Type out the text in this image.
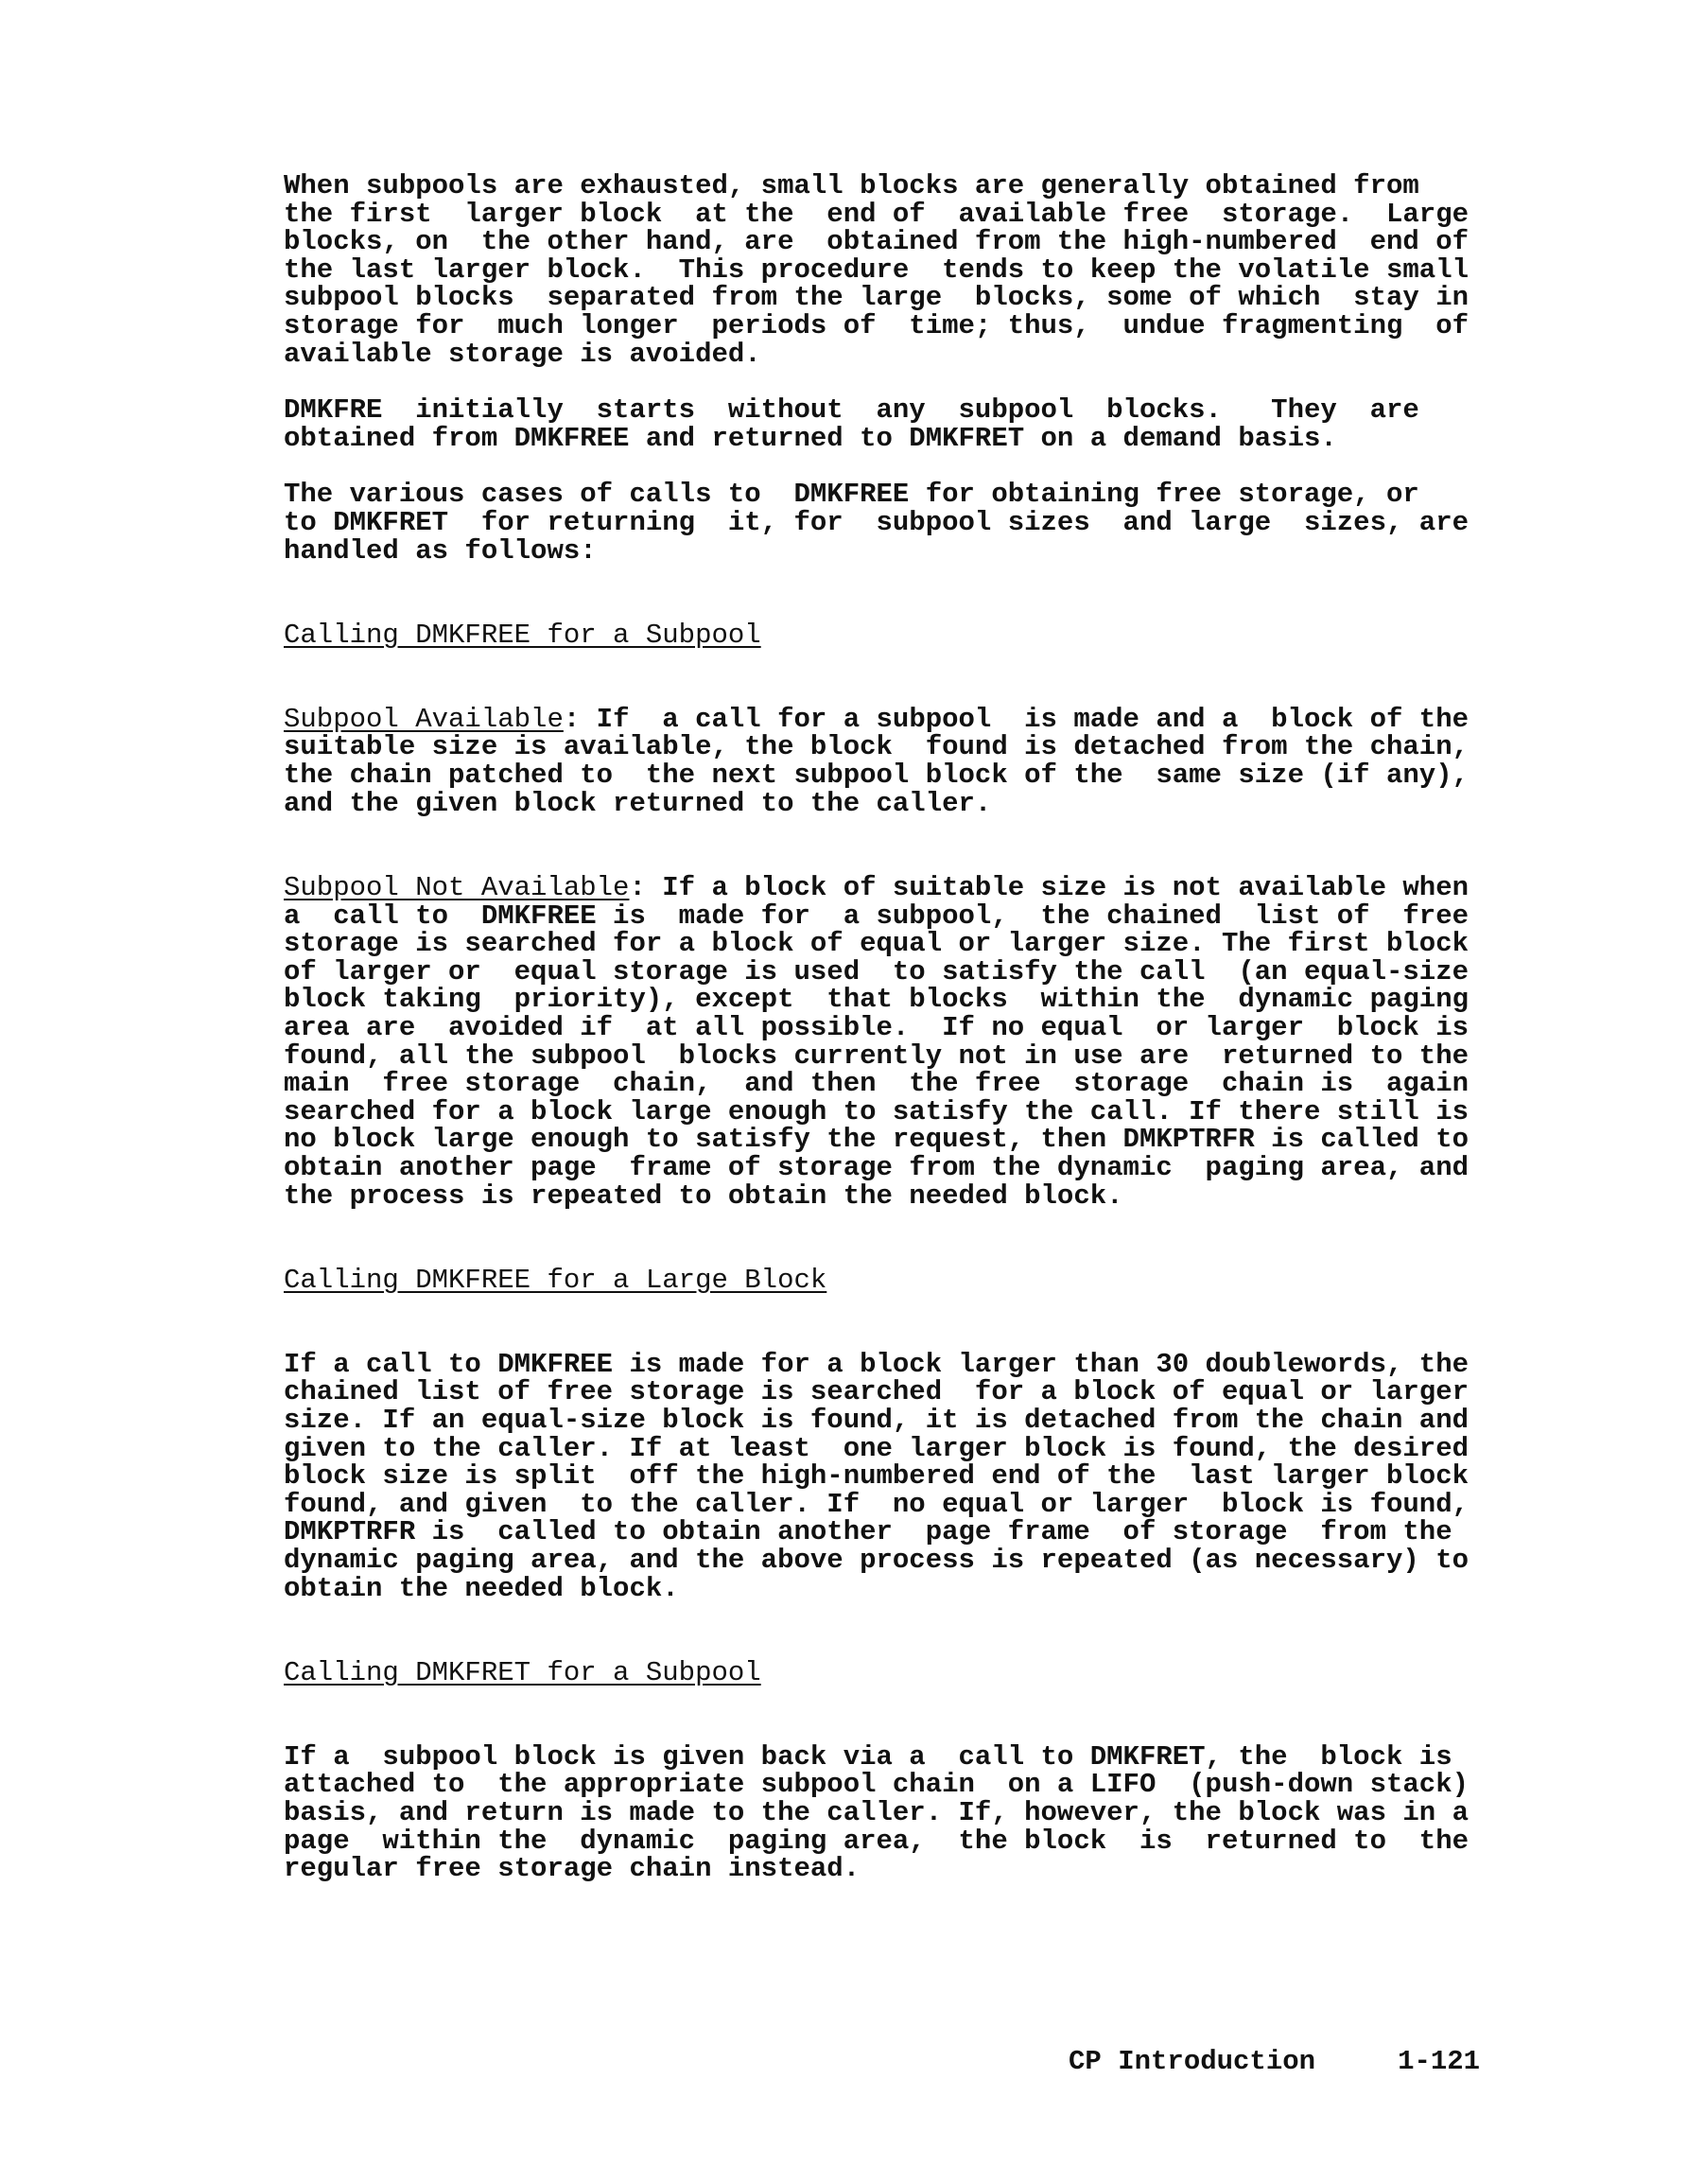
When subpools are exhausted, small blocks are generally obtained from
the first  larger block  at the  end of  available free  storage.  Large
blocks, on  the other hand, are  obtained from the high-numbered  end of
the last larger block.  This procedure  tends to keep the volatile small
subpool blocks  separated from the large  blocks, some of which  stay in
storage for  much longer  periods of  time; thus,  undue fragmenting  of
available storage is avoided.
DMKFRE  initially  starts  without  any  subpool  blocks.   They  are
obtained from DMKFREE and returned to DMKFRET on a demand basis.
The various cases of calls to  DMKFREE for obtaining free storage, or
to DMKFRET  for returning  it, for  subpool sizes  and large  sizes, are
handled as follows:
Calling DMKFREE for a Subpool
Subpool Available: If  a call for a subpool  is made and a  block of the
suitable size is available, the block  found is detached from the chain,
the chain patched to  the next subpool block of the  same size (if any),
and the given block returned to the caller.
Subpool Not Available: If a block of suitable size is not available when
a  call to  DMKFREE is  made for  a subpool,  the chained  list of  free
storage is searched for a block of equal or larger size. The first block
of larger or  equal storage is used  to satisfy the call  (an equal-size
block taking  priority), except  that blocks  within the  dynamic paging
area are  avoided if  at all possible.  If no equal  or larger  block is
found, all the subpool  blocks currently not in use are  returned to the
main  free storage  chain,  and then  the free  storage  chain is  again
searched for a block large enough to satisfy the call. If there still is
no block large enough to satisfy the request, then DMKPTRFR is called to
obtain another page  frame of storage from the dynamic  paging area, and
the process is repeated to obtain the needed block.
Calling DMKFREE for a Large Block
If a call to DMKFREE is made for a block larger than 30 doublewords, the
chained list of free storage is searched  for a block of equal or larger
size. If an equal-size block is found, it is detached from the chain and
given to the caller. If at least  one larger block is found, the desired
block size is split  off the high-numbered end of the  last larger block
found, and given  to the caller. If  no equal or larger  block is found,
DMKPTRFR is  called to obtain another  page frame  of storage  from the
dynamic paging area, and the above process is repeated (as necessary) to
obtain the needed block.
Calling DMKFRET for a Subpool
If a  subpool block is given back via a  call to DMKFRET, the  block is
attached to  the appropriate subpool chain  on a LIFO  (push-down stack)
basis, and return is made to the caller. If, however, the block was in a
page  within the  dynamic  paging area,  the block  is  returned to  the
regular free storage chain instead.
CP Introduction	1-121
